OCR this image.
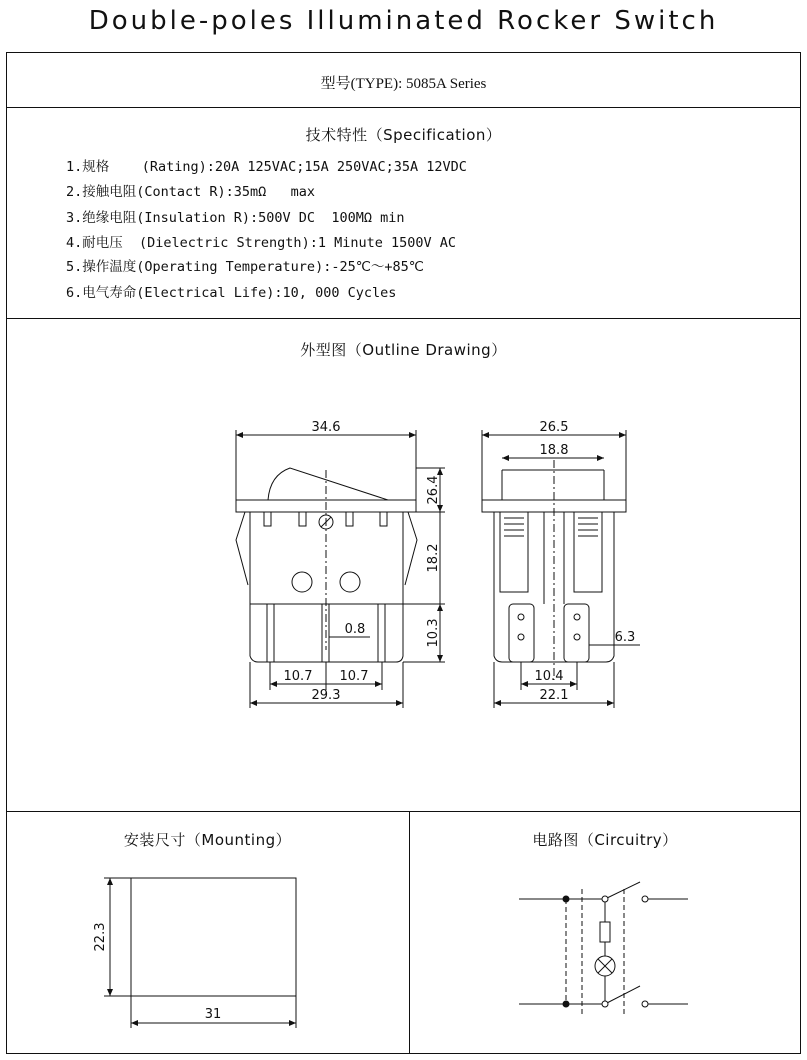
Double-poles Illuminated Rocker Switch
型号(TYPE): 5085A Series
技术特性（Specification）
1.规格    (Rating):20A 125VAC;15A 250VAC;35A 12VDC
2.接触电阻(Contact R):35mΩ   max
3.绝缘电阻(Insulation R):500V DC  100MΩ min
4.耐电压  (Dielectric Strength):1 Minute 1500V AC
5.操作温度(Operating Temperature):-25℃～+85℃
6.电气寿命(Electrical Life):10, 000 Cycles
外型图（Outline Drawing）
34.6
26.4
18.2
10.3
0.8
10.7 10.7
29.3
26.5
18.8
6.3
10.4
22.1
22.3
31
安装尺寸（Mounting）	电路图（Circuitry）
